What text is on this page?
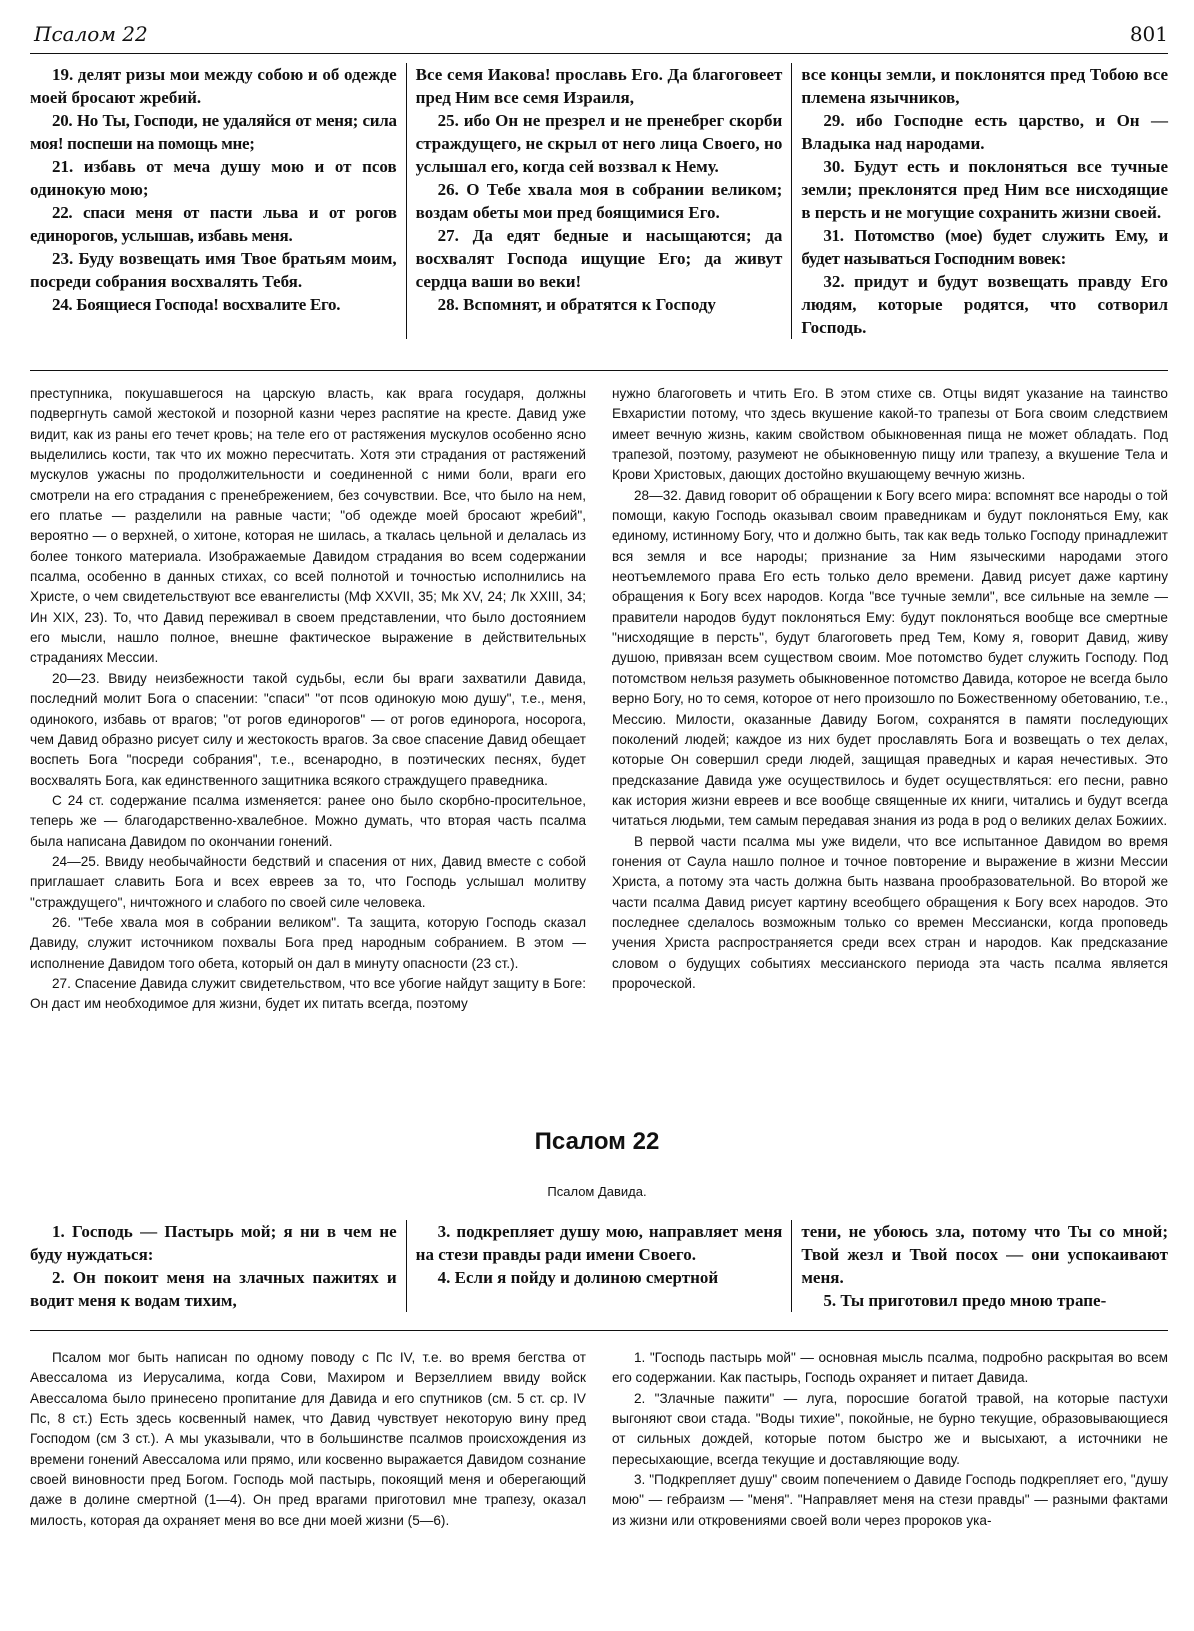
Псалом 22	801

19. делят ризы мои между собою и об одежде моей бросают жребий.

20. Но Ты, Господи, не удаляйся от меня; сила моя! поспеши на помощь мне;

21. избавь от меча душу мою и от псов одинокую мою;

22. спаси меня от пасти льва и от рогов единорогов, услышав, избавь меня.

23. Буду возвещать имя Твое братьям моим, посреди собрания восхвалять Тебя.

24. Боящиеся Господа! восхвалите Его.

Все семя Иакова! прославь Его. Да благоговеет пред Ним все семя Израиля,

25. ибо Он не презрел и не пренебрег скорби страждущего, не скрыл от него лица Своего, но услышал его, когда сей воззвал к Нему.

26. О Тебе хвала моя в собрании великом; воздам обеты мои пред боящимися Его.

27. Да едят бедные и насыщаются; да восхвалят Господа ищущие Его; да живут сердца ваши во веки!

28. Вспомнят, и обратятся к Господу

все концы земли, и поклонятся пред Тобою все племена язычников,

29. ибо Господне есть царство, и Он — Владыка над народами.

30. Будут есть и поклоняться все тучные земли; преклонятся пред Ним все нисходящие в персть и не могущие сохранить жизни своей.

31. Потомство (мое) будет служить Ему, и будет называться Господним вовек:

32. придут и будут возвещать правду Его людям, которые родятся, что сотворил Господь.

преступника, покушавшегося на царскую власть, как врага государя, должны подвергнуть самой жестокой и позорной казни через распятие на кресте. Давид уже видит, как из раны его течет кровь; на теле его от растяжения мускулов особенно ясно выделились кости, так что их можно пересчитать. Хотя эти страдания от растяжений мускулов ужасны по продолжительности и соединенной с ними боли, враги его смотрели на его страдания с пренебрежением, без сочувствии. Все, что было на нем, его платье — разделили на равные части; "об одежде моей бросают жребий", вероятно — о верхней, о хитоне, которая не шилась, а ткалась цельной и делалась из более тонкого материала. Изображаемые Давидом страдания во всем содержании псалма, особенно в данных стихах, со всей полнотой и точностью исполнились на Христе, о чем свидетельствуют все евангелисты (Мф XXVII, 35; Мк XV, 24; Лк XXIII, 34; Ин XIX, 23). То, что Давид переживал в своем представлении, что было достоянием его мысли, нашло полное, внешне фактическое выражение в действительных страданиях Мессии.

20—23. Ввиду неизбежности такой судьбы, если бы враги захватили Давида, последний молит Бога о спасении: "спаси" "от псов одинокую мою душу", т.е., меня, одинокого, избавь от врагов; "от рогов единорогов" — от рогов единорога, носорога, чем Давид образно рисует силу и жестокость врагов. За свое спасение Давид обещает воспеть Бога "посреди собрания", т.е., всенародно, в поэтических песнях, будет восхвалять Бога, как единственного защитника всякого страждущего праведника.

С 24 ст. содержание псалма изменяется: ранее оно было скорбно-просительное, теперь же — благодарственно-хвалебное. Можно думать, что вторая часть псалма была написана Давидом по окончании гонений.

24—25. Ввиду необычайности бедствий и спасения от них, Давид вместе с собой приглашает славить Бога и всех евреев за то, что Господь услышал молитву "страждущего", ничтожного и слабого по своей силе человека.

26. "Тебе хвала моя в собрании великом". Та защита, которую Господь сказал Давиду, служит источником похвалы Бога пред народным собранием. В этом — исполнение Давидом того обета, который он дал в минуту опасности (23 ст.).

27. Спасение Давида служит свидетельством, что все убогие найдут защиту в Боге: Он даст им необходимое для жизни, будет их питать всегда, поэтому

нужно благоговеть и чтить Его. В этом стихе св. Отцы видят указание на таинство Евхаристии потому, что здесь вкушение какой-то трапезы от Бога своим следствием имеет вечную жизнь, каким свойством обыкновенная пища не может обладать. Под трапезой, поэтому, разумеют не обыкновенную пищу или трапезу, а вкушение Тела и Крови Христовых, дающих достойно вкушающему вечную жизнь.

28—32. Давид говорит об обращении к Богу всего мира: вспомнят все народы о той помощи, какую Господь оказывал своим праведникам и будут поклоняться Ему, как единому, истинному Богу, что и должно быть, так как ведь только Господу принадлежит вся земля и все народы; признание за Ним языческими народами этого неотъемлемого права Его есть только дело времени. Давид рисует даже картину обращения к Богу всех народов. Когда "все тучные земли", все сильные на земле — правители народов будут поклоняться Ему: будут поклоняться вообще все смертные "нисходящие в персть", будут благоговеть пред Тем, Кому я, говорит Давид, живу душою, привязан всем существом своим. Мое потомство будет служить Господу. Под потомством нельзя разуметь обыкновенное потомство Давида, которое не всегда было верно Богу, но то семя, которое от него произошло по Божественному обетованию, т.е., Мессию. Милости, оказанные Давиду Богом, сохранятся в памяти последующих поколений людей; каждое из них будет прославлять Бога и возвещать о тех делах, которые Он совершил среди людей, защищая праведных и карая нечестивых. Это предсказание Давида уже осуществилось и будет осуществляться: его песни, равно как история жизни евреев и все вообще священные их книги, читались и будут всегда читаться людьми, тем самым передавая знания из рода в род о великих делах Божиих.

В первой части псалма мы уже видели, что все испытанное Давидом во время гонения от Саула нашло полное и точное повторение и выражение в жизни Мессии Христа, а потому эта часть должна быть названа прообразовательной. Во второй же части псалма Давид рисует картину всеобщего обращения к Богу всех народов. Это последнее сделалось возможным только со времен Мессиански, когда проповедь учения Христа распространяется среди всех стран и народов. Как предсказание словом о будущих событиях мессианского периода эта часть псалма является пророческой.

Псалом 22
Псалом Давида.

1. Господь — Пастырь мой; я ни в чем не буду нуждаться:

2. Он покоит меня на злачных пажитях и водит меня к водам тихим,

3. подкрепляет душу мою, направляет меня на стези правды ради имени Своего.

4. Если я пойду и долиною смертной

тени, не убоюсь зла, потому что Ты со мной; Твой жезл и Твой посох — они успокаивают меня.

5. Ты приготовил предо мною трапе-

Псалом мог быть написан по одному поводу с Пс IV, т.е. во время бегства от Авессалома из Иерусалима, когда Сови, Махиром и Верзеллием ввиду войск Авессалома было принесено пропитание для Давида и его спутников (см. 5 ст. ср. IV Пс, 8 ст.) Есть здесь косвенный намек, что Давид чувствует некоторую вину пред Господом (см 3 ст.). А мы указывали, что в большинстве псалмов происхождения из времени гонений Авессалома или прямо, или косвенно выражается Давидом сознание своей виновности пред Богом. Господь мой пастырь, покоящий меня и оберегающий даже в долине смертной (1—4). Он пред врагами приготовил мне трапезу, оказал милость, которая да охраняет меня во все дни моей жизни (5—6).

1. "Господь пастырь мой" — основная мысль псалма, подробно раскрытая во всем его содержании. Как пастырь, Господь охраняет и питает Давида.

2. "Злачные пажити" — луга, поросшие богатой травой, на которые пастухи выгоняют свои стада. "Воды тихие", покойные, не бурно текущие, образовывающиеся от сильных дождей, которые потом быстро же и высыхают, а источники не пересыхающие, всегда текущие и доставляющие воду.

3. "Подкрепляет душу" своим попечением о Давиде Господь подкрепляет его, "душу мою" — гебраизм — "меня". "Направляет меня на стези правды" — разными фактами из жизни или откровениями своей воли через пророков ука-
